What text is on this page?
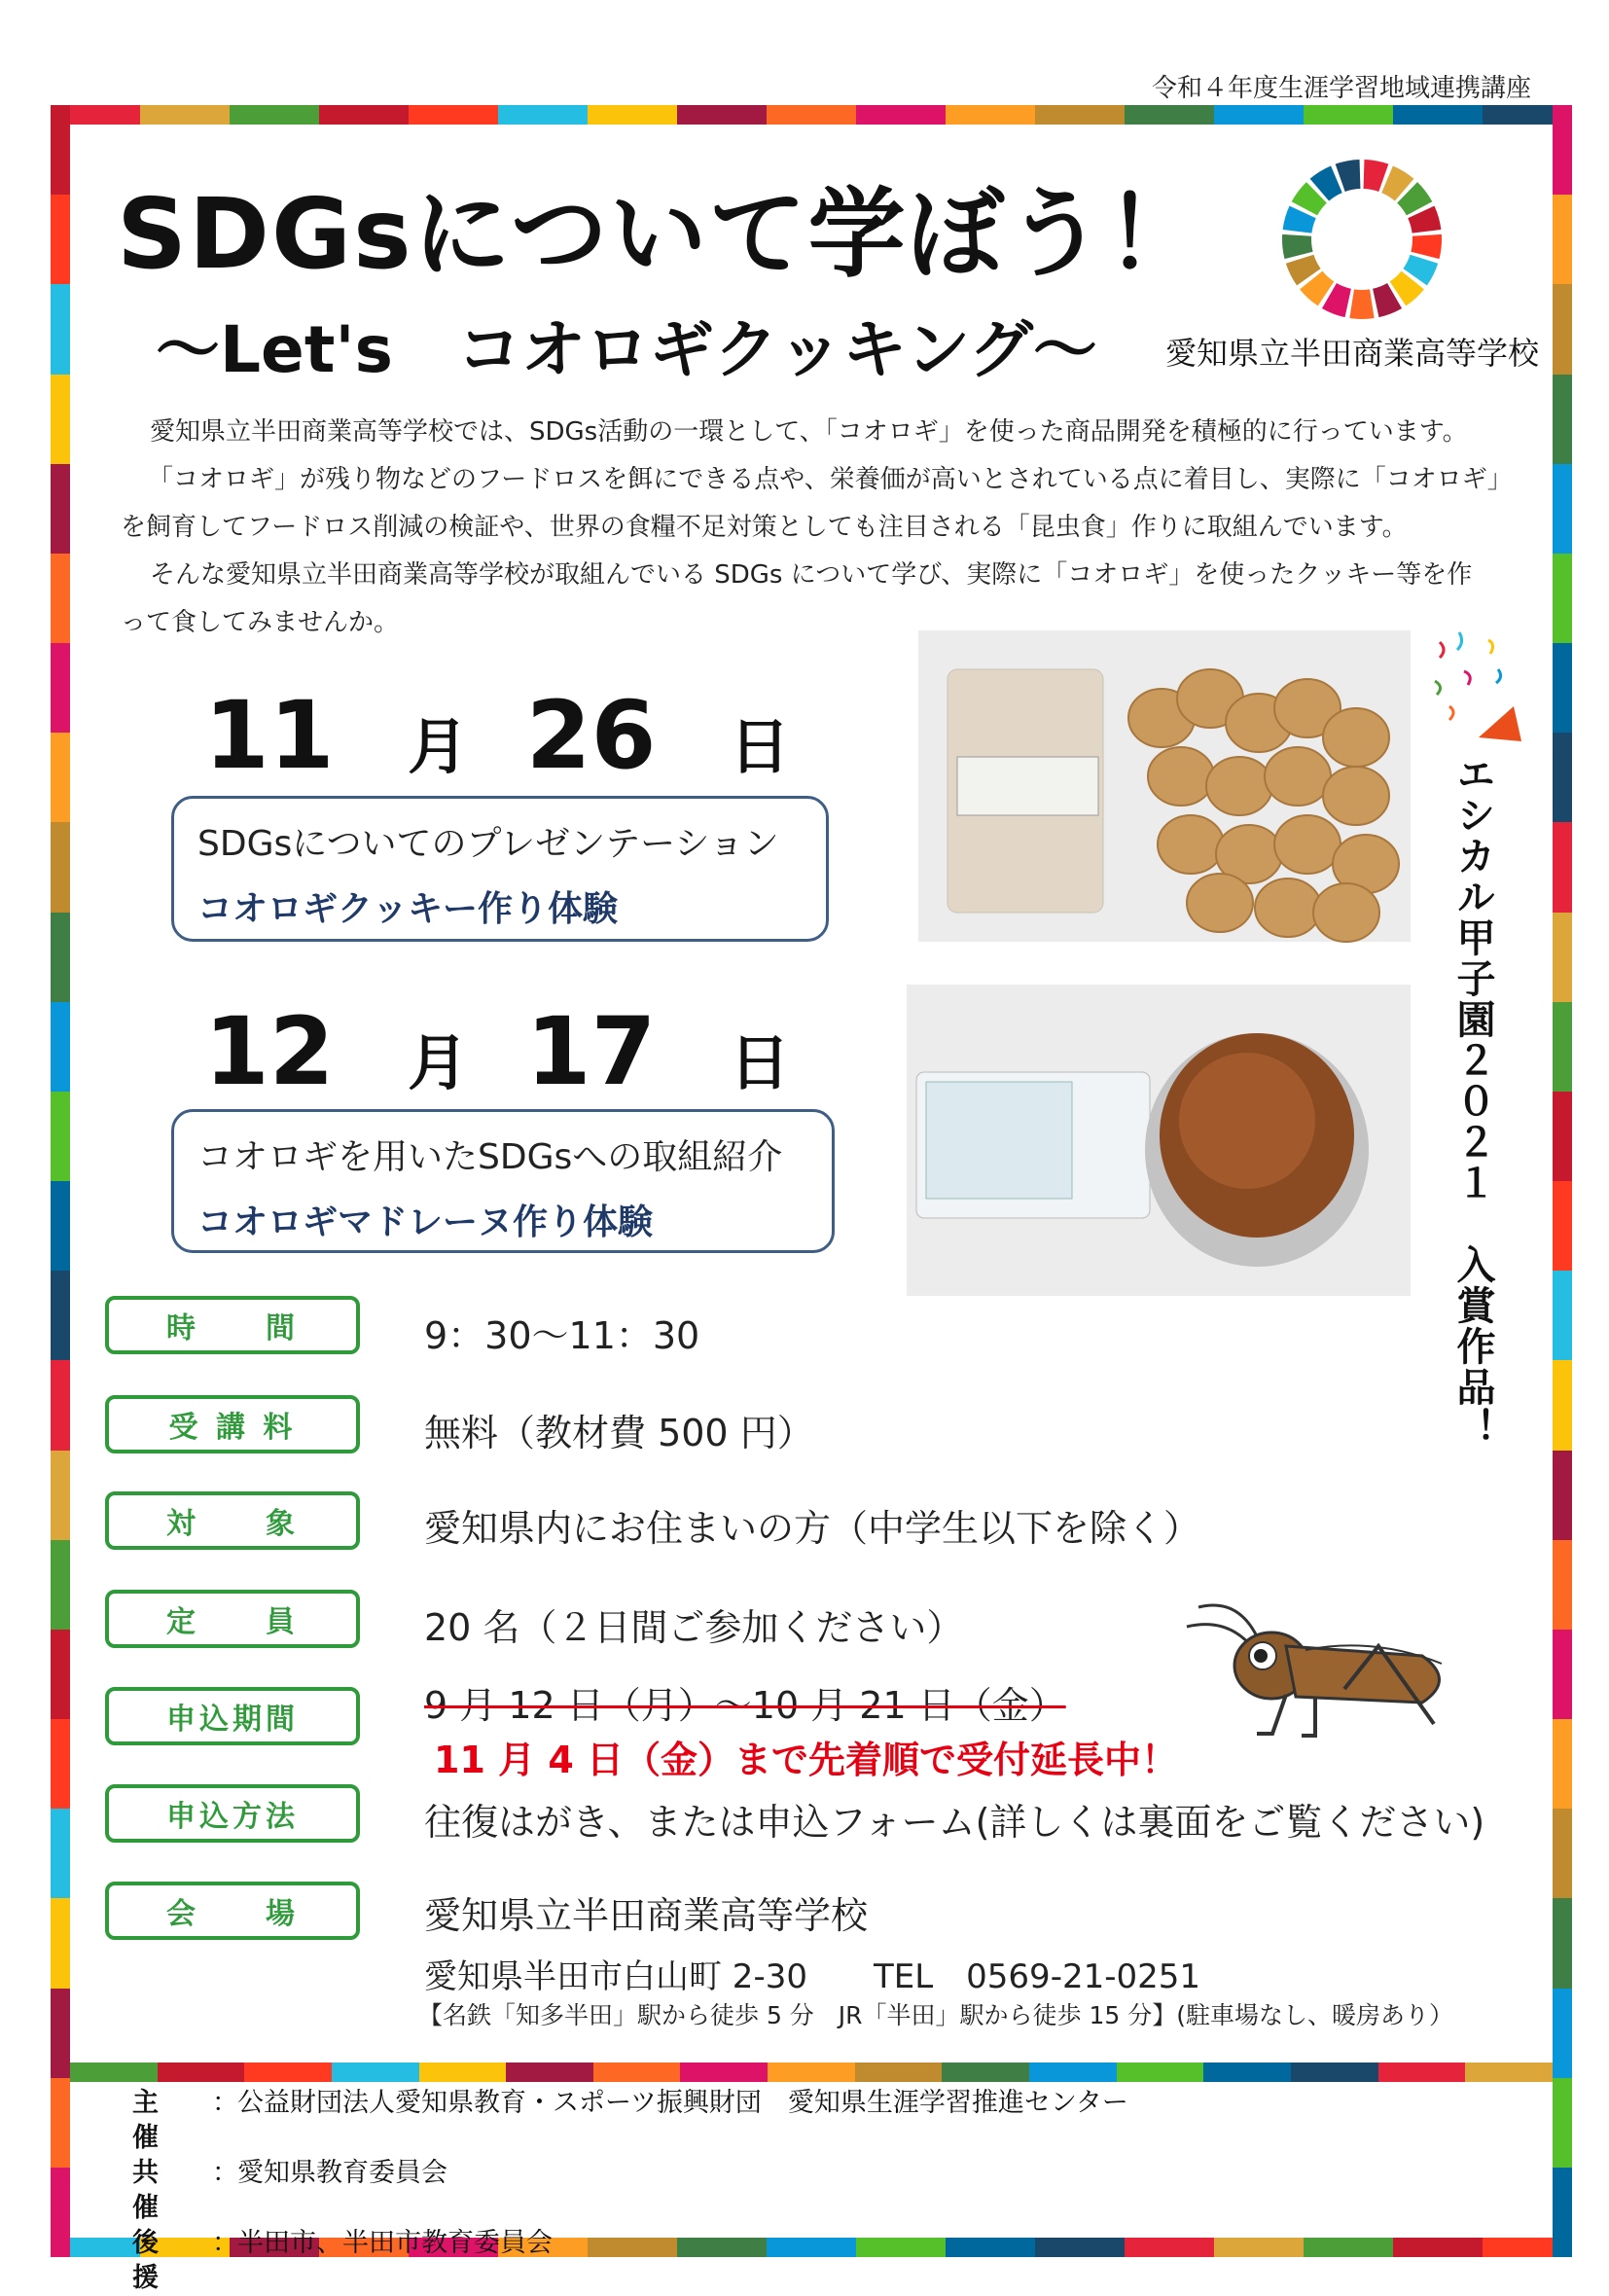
令和４年度生涯学習地域連携講座
SDGsについて学ぼう！
～Let's　コオロギクッキング～ 愛知県立半田商業高等学校

愛知県立半田商業高等学校では、SDGs活動の一環として、「コオロギ」を使った商品開発を積極的に行っています。

「コオロギ」が残り物などのフードロスを餌にできる点や、栄養価が高いとされている点に着目し、実際に「コオロギ」

を飼育してフードロス削減の検証や、世界の食糧不足対策としても注目される「昆虫食」作りに取組んでいます。

そんな愛知県立半田商業高等学校が取組んでいる SDGs について学び、実際に「コオロギ」を使ったクッキー等を作

って食してみませんか。

11 月 26 日
SDGsについてのプレゼンテーション
コオロギクッキー作り体験
12 月 17 日
コオロギを用いたSDGsへの取組紹介
コオロギマドレーヌ作り体験	エシカル甲子園２０２１　入賞作品！
時　　間	9：30～11：30
受 講 料	無料（教材費 500 円）
対　　象	愛知県内にお住まいの方（中学生以下を除く）
定　　員	20 名（２日間ご参加ください）
申込期間	9 月 12 日（月）～10 月 21 日（金）
11 月 4 日（金）まで先着順で受付延長中！
申込方法	往復はがき、または申込フォーム(詳しくは裏面をご覧ください)
会　　場	愛知県立半田商業高等学校
愛知県半田市白山町 2-30　　TEL　0569-21-0251
【名鉄「知多半田」駅から徒歩 5 分　JR「半田」駅から徒歩 15 分】(駐車場なし、暖房あり）
主　催
： 公益財団法人愛知県教育・スポーツ振興財団　愛知県生涯学習推進センター
共　催
： 愛知県教育委員会
後　援
： 半田市、半田市教育委員会
